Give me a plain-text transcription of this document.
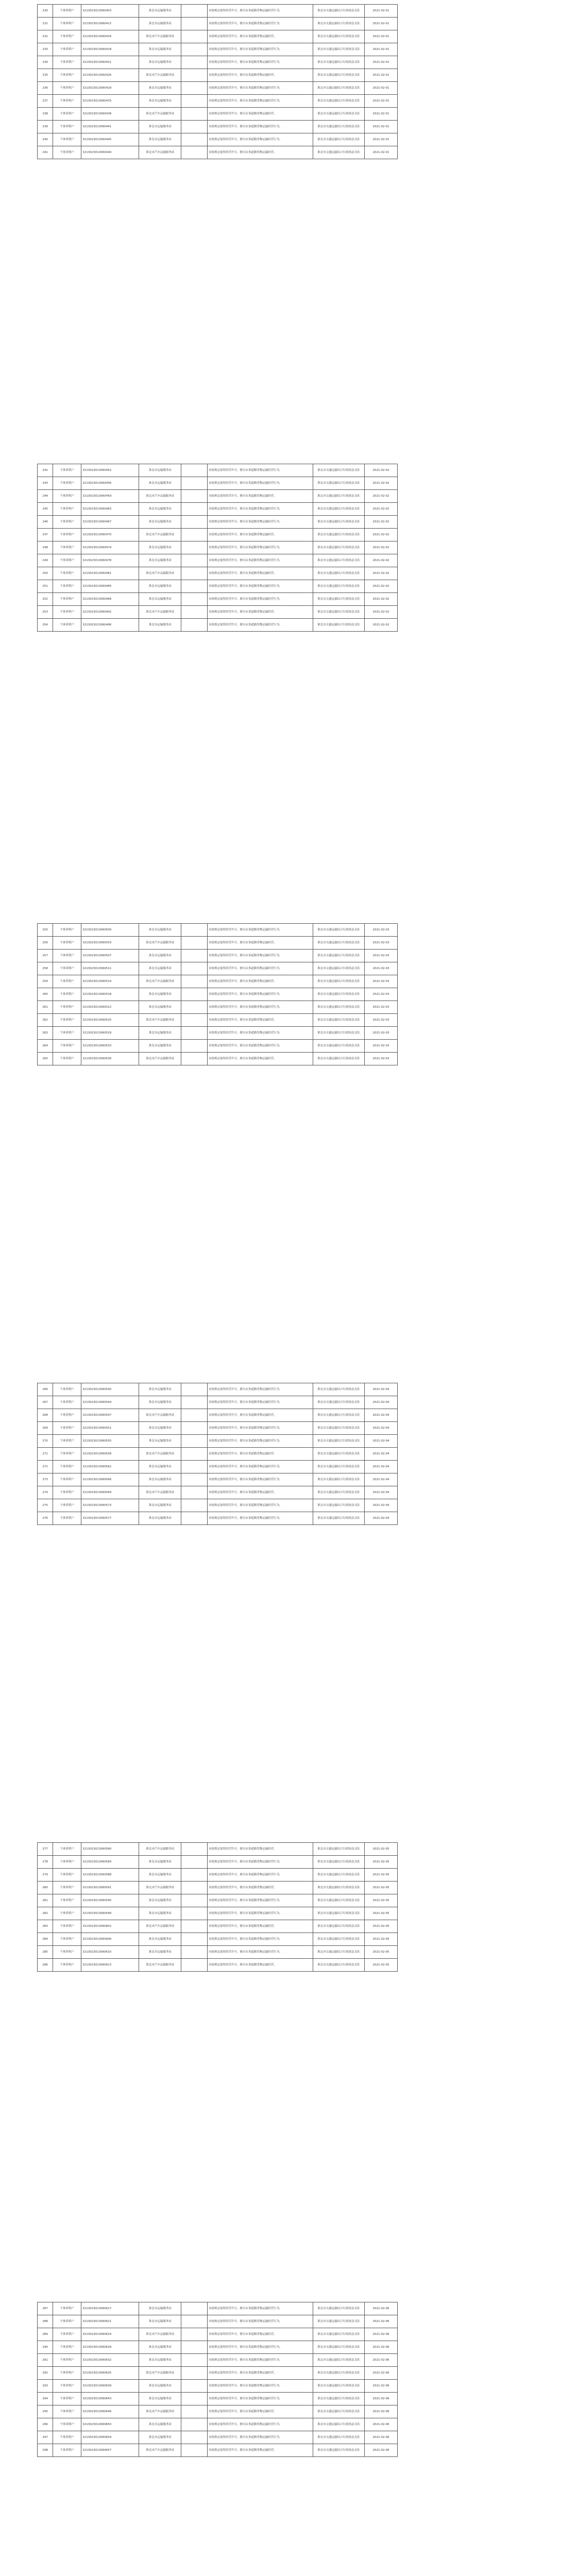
230	个体养殖户	3213023013060403	淮北市运输服务站		未按规定取得经营许可，擅自从事道路货物运输经营行为。	淮北市交通运输综合行政执法支队	2021-02-01
231	个体养殖户	3213023013060412	淮北市运输服务站		未按规定取得经营许可，擅自从事道路货物运输经营行为。	淮北市交通运输综合行政执法支队	2021-02-01
232	个体养殖户	3213023013060416	淮北市汽车运输服务站		未按规定取得经营许可，擅自从事道路货物运输经营。	淮北市交通运输综合行政执法支队	2021-02-01
233	个体养殖户	3213023013060418	淮北市运输服务站		未按规定取得经营许可，擅自从事道路货物运输经营行为。	淮北市交通运输综合行政执法支队	2021-02-01
234	个体养殖户	3213023013060421	淮北市运输服务站		未按规定取得经营许可，擅自从事道路货物运输经营行为。	淮北市交通运输综合行政执法支队	2021-02-01
235	个体养殖户	3213023013060426	淮北市汽车运输服务站		未按规定取得经营许可，擅自从事道路货物运输经营。	淮北市交通运输综合行政执法支队	2021-02-01
236	个体养殖户	3213023013060429	淮北市运输服务站		未按规定取得经营许可，擅自从事道路货物运输经营行为。	淮北市交通运输综合行政执法支队	2021-02-01
237	个体养殖户	3213023013060433	淮北市运输服务站		未按规定取得经营许可，擅自从事道路货物运输经营行为。	淮北市交通运输综合行政执法支队	2021-02-01
238	个体养殖户	3213023013060438	淮北市汽车运输服务站		未按规定取得经营许可，擅自从事道路货物运输经营。	淮北市交通运输综合行政执法支队	2021-02-01
239	个体养殖户	3213023013060441	淮北市运输服务站		未按规定取得经营许可，擅自从事道路货物运输经营行为。	淮北市交通运输综合行政执法支队	2021-02-01
240	个体养殖户	3213023013060445	淮北市运输服务站		未按规定取得经营许可，擅自从事道路货物运输经营行为。	淮北市交通运输综合行政执法支队	2021-02-01
241	个体养殖户	3213023013060449	淮北市汽车运输服务站		未按规定取得经营许可，擅自从事道路货物运输经营。	淮北市交通运输综合行政执法支队	2021-02-01
242	个体养殖户	3213023013060452	淮北市运输服务站		未按规定取得经营许可，擅自从事道路货物运输经营行为。	淮北市交通运输综合行政执法支队	2021-02-02
243	个体养殖户	3213023013060456	淮北市运输服务站		未按规定取得经营许可，擅自从事道路货物运输经营行为。	淮北市交通运输综合行政执法支队	2021-02-02
244	个体养殖户	3213023013060459	淮北市汽车运输服务站		未按规定取得经营许可，擅自从事道路货物运输经营。	淮北市交通运输综合行政执法支队	2021-02-02
245	个体养殖户	3213023013060463	淮北市运输服务站		未按规定取得经营许可，擅自从事道路货物运输经营行为。	淮北市交通运输综合行政执法支队	2021-02-02
246	个体养殖户	3213023013060467	淮北市运输服务站		未按规定取得经营许可，擅自从事道路货物运输经营行为。	淮北市交通运输综合行政执法支队	2021-02-02
247	个体养殖户	3213023013060470	淮北市汽车运输服务站		未按规定取得经营许可，擅自从事道路货物运输经营。	淮北市交通运输综合行政执法支队	2021-02-02
248	个体养殖户	3213023013060474	淮北市运输服务站		未按规定取得经营许可，擅自从事道路货物运输经营行为。	淮北市交通运输综合行政执法支队	2021-02-02
249	个体养殖户	3213023013060478	淮北市运输服务站		未按规定取得经营许可，擅自从事道路货物运输经营行为。	淮北市交通运输综合行政执法支队	2021-02-02
250	个体养殖户	3213023013060481	淮北市汽车运输服务站		未按规定取得经营许可，擅自从事道路货物运输经营。	淮北市交通运输综合行政执法支队	2021-02-02
251	个体养殖户	3213023013060485	淮北市运输服务站		未按规定取得经营许可，擅自从事道路货物运输经营行为。	淮北市交通运输综合行政执法支队	2021-02-02
252	个体养殖户	3213023013060489	淮北市运输服务站		未按规定取得经营许可，擅自从事道路货物运输经营行为。	淮北市交通运输综合行政执法支队	2021-02-02
253	个体养殖户	3213023013060492	淮北市汽车运输服务站		未按规定取得经营许可，擅自从事道路货物运输经营。	淮北市交通运输综合行政执法支队	2021-02-02
254	个体养殖户	3213023013060496	淮北市运输服务站		未按规定取得经营许可，擅自从事道路货物运输经营行为。	淮北市交通运输综合行政执法支队	2021-02-02
255	个体养殖户	3213023013060500	淮北市运输服务站		未按规定取得经营许可，擅自从事道路货物运输经营行为。	淮北市交通运输综合行政执法支队	2021-02-03
256	个体养殖户	3213023013060503	淮北市汽车运输服务站		未按规定取得经营许可，擅自从事道路货物运输经营。	淮北市交通运输综合行政执法支队	2021-02-03
257	个体养殖户	3213023013060507	淮北市运输服务站		未按规定取得经营许可，擅自从事道路货物运输经营行为。	淮北市交通运输综合行政执法支队	2021-02-03
258	个体养殖户	3213023013060511	淮北市运输服务站		未按规定取得经营许可，擅自从事道路货物运输经营行为。	淮北市交通运输综合行政执法支队	2021-02-03
259	个体养殖户	3213023013060514	淮北市汽车运输服务站		未按规定取得经营许可，擅自从事道路货物运输经营。	淮北市交通运输综合行政执法支队	2021-02-03
260	个体养殖户	3213023013060518	淮北市运输服务站		未按规定取得经营许可，擅自从事道路货物运输经营行为。	淮北市交通运输综合行政执法支队	2021-02-03
261	个体养殖户	3213023013060522	淮北市运输服务站		未按规定取得经营许可，擅自从事道路货物运输经营行为。	淮北市交通运输综合行政执法支队	2021-02-03
262	个体养殖户	3213023013060525	淮北市汽车运输服务站		未按规定取得经营许可，擅自从事道路货物运输经营。	淮北市交通运输综合行政执法支队	2021-02-03
263	个体养殖户	3213023013060529	淮北市运输服务站		未按规定取得经营许可，擅自从事道路货物运输经营行为。	淮北市交通运输综合行政执法支队	2021-02-03
264	个体养殖户	3213023013060533	淮北市运输服务站		未按规定取得经营许可，擅自从事道路货物运输经营行为。	淮北市交通运输综合行政执法支队	2021-02-03
265	个体养殖户	3213023013060536	淮北市汽车运输服务站		未按规定取得经营许可，擅自从事道路货物运输经营。	淮北市交通运输综合行政执法支队	2021-02-03
266	个体养殖户	3213023013060540	淮北市运输服务站		未按规定取得经营许可，擅自从事道路货物运输经营行为。	淮北市交通运输综合行政执法支队	2021-02-04
267	个体养殖户	3213023013060544	淮北市运输服务站		未按规定取得经营许可，擅自从事道路货物运输经营行为。	淮北市交通运输综合行政执法支队	2021-02-04
268	个体养殖户	3213023013060547	淮北市汽车运输服务站		未按规定取得经营许可，擅自从事道路货物运输经营。	淮北市交通运输综合行政执法支队	2021-02-04
269	个体养殖户	3213023013060551	淮北市运输服务站		未按规定取得经营许可，擅自从事道路货物运输经营行为。	淮北市交通运输综合行政执法支队	2021-02-04
270	个体养殖户	3213023013060555	淮北市运输服务站		未按规定取得经营许可，擅自从事道路货物运输经营行为。	淮北市交通运输综合行政执法支队	2021-02-04
271	个体养殖户	3213023013060558	淮北市汽车运输服务站		未按规定取得经营许可，擅自从事道路货物运输经营。	淮北市交通运输综合行政执法支队	2021-02-04
272	个体养殖户	3213023013060562	淮北市运输服务站		未按规定取得经营许可，擅自从事道路货物运输经营行为。	淮北市交通运输综合行政执法支队	2021-02-04
273	个体养殖户	3213023013060566	淮北市运输服务站		未按规定取得经营许可，擅自从事道路货物运输经营行为。	淮北市交通运输综合行政执法支队	2021-02-04
274	个体养殖户	3213023013060569	淮北市汽车运输服务站		未按规定取得经营许可，擅自从事道路货物运输经营。	淮北市交通运输综合行政执法支队	2021-02-04
275	个体养殖户	3213023013060573	淮北市运输服务站		未按规定取得经营许可，擅自从事道路货物运输经营行为。	淮北市交通运输综合行政执法支队	2021-02-04
276	个体养殖户	3213023013060577	淮北市运输服务站		未按规定取得经营许可，擅自从事道路货物运输经营行为。	淮北市交通运输综合行政执法支队	2021-02-04
277	个体养殖户	3213023013060580	淮北市汽车运输服务站		未按规定取得经营许可，擅自从事道路货物运输经营。	淮北市交通运输综合行政执法支队	2021-02-05
278	个体养殖户	3213023013060584	淮北市运输服务站		未按规定取得经营许可，擅自从事道路货物运输经营行为。	淮北市交通运输综合行政执法支队	2021-02-05
279	个体养殖户	3213023013060588	淮北市运输服务站		未按规定取得经营许可，擅自从事道路货物运输经营行为。	淮北市交通运输综合行政执法支队	2021-02-05
280	个体养殖户	3213023013060591	淮北市汽车运输服务站		未按规定取得经营许可，擅自从事道路货物运输经营。	淮北市交通运输综合行政执法支队	2021-02-05
281	个体养殖户	3213023013060595	淮北市运输服务站		未按规定取得经营许可，擅自从事道路货物运输经营行为。	淮北市交通运输综合行政执法支队	2021-02-05
282	个体养殖户	3213023013060599	淮北市运输服务站		未按规定取得经营许可，擅自从事道路货物运输经营行为。	淮北市交通运输综合行政执法支队	2021-02-05
283	个体养殖户	3213023013060602	淮北市汽车运输服务站		未按规定取得经营许可，擅自从事道路货物运输经营。	淮北市交通运输综合行政执法支队	2021-02-05
284	个体养殖户	3213023013060606	淮北市运输服务站		未按规定取得经营许可，擅自从事道路货物运输经营行为。	淮北市交通运输综合行政执法支队	2021-02-05
285	个体养殖户	3213023013060610	淮北市运输服务站		未按规定取得经营许可，擅自从事道路货物运输经营行为。	淮北市交通运输综合行政执法支队	2021-02-05
286	个体养殖户	3213023013060613	淮北市汽车运输服务站		未按规定取得经营许可，擅自从事道路货物运输经营。	淮北市交通运输综合行政执法支队	2021-02-05
287	个体养殖户	3213023013060617	淮北市运输服务站		未按规定取得经营许可，擅自从事道路货物运输经营行为。	淮北市交通运输综合行政执法支队	2021-02-06
288	个体养殖户	3213023013060621	淮北市运输服务站		未按规定取得经营许可，擅自从事道路货物运输经营行为。	淮北市交通运输综合行政执法支队	2021-02-06
289	个体养殖户	3213023013060624	淮北市汽车运输服务站		未按规定取得经营许可，擅自从事道路货物运输经营。	淮北市交通运输综合行政执法支队	2021-02-06
290	个体养殖户	3213023013060628	淮北市运输服务站		未按规定取得经营许可，擅自从事道路货物运输经营行为。	淮北市交通运输综合行政执法支队	2021-02-06
291	个体养殖户	3213023013060632	淮北市运输服务站		未按规定取得经营许可，擅自从事道路货物运输经营行为。	淮北市交通运输综合行政执法支队	2021-02-06
292	个体养殖户	3213023013060635	淮北市汽车运输服务站		未按规定取得经营许可，擅自从事道路货物运输经营。	淮北市交通运输综合行政执法支队	2021-02-06
293	个体养殖户	3213023013060639	淮北市运输服务站		未按规定取得经营许可，擅自从事道路货物运输经营行为。	淮北市交通运输综合行政执法支队	2021-02-06
294	个体养殖户	3213023013060643	淮北市运输服务站		未按规定取得经营许可，擅自从事道路货物运输经营行为。	淮北市交通运输综合行政执法支队	2021-02-06
295	个体养殖户	3213023013060646	淮北市汽车运输服务站		未按规定取得经营许可，擅自从事道路货物运输经营。	淮北市交通运输综合行政执法支队	2021-02-06
296	个体养殖户	3213023013060650	淮北市运输服务站		未按规定取得经营许可，擅自从事道路货物运输经营行为。	淮北市交通运输综合行政执法支队	2021-02-06
297	个体养殖户	3213023013060654	淮北市运输服务站		未按规定取得经营许可，擅自从事道路货物运输经营行为。	淮北市交通运输综合行政执法支队	2021-02-06
298	个体养殖户	3213023013060657	淮北市汽车运输服务站		未按规定取得经营许可，擅自从事道路货物运输经营。	淮北市交通运输综合行政执法支队	2021-02-06
